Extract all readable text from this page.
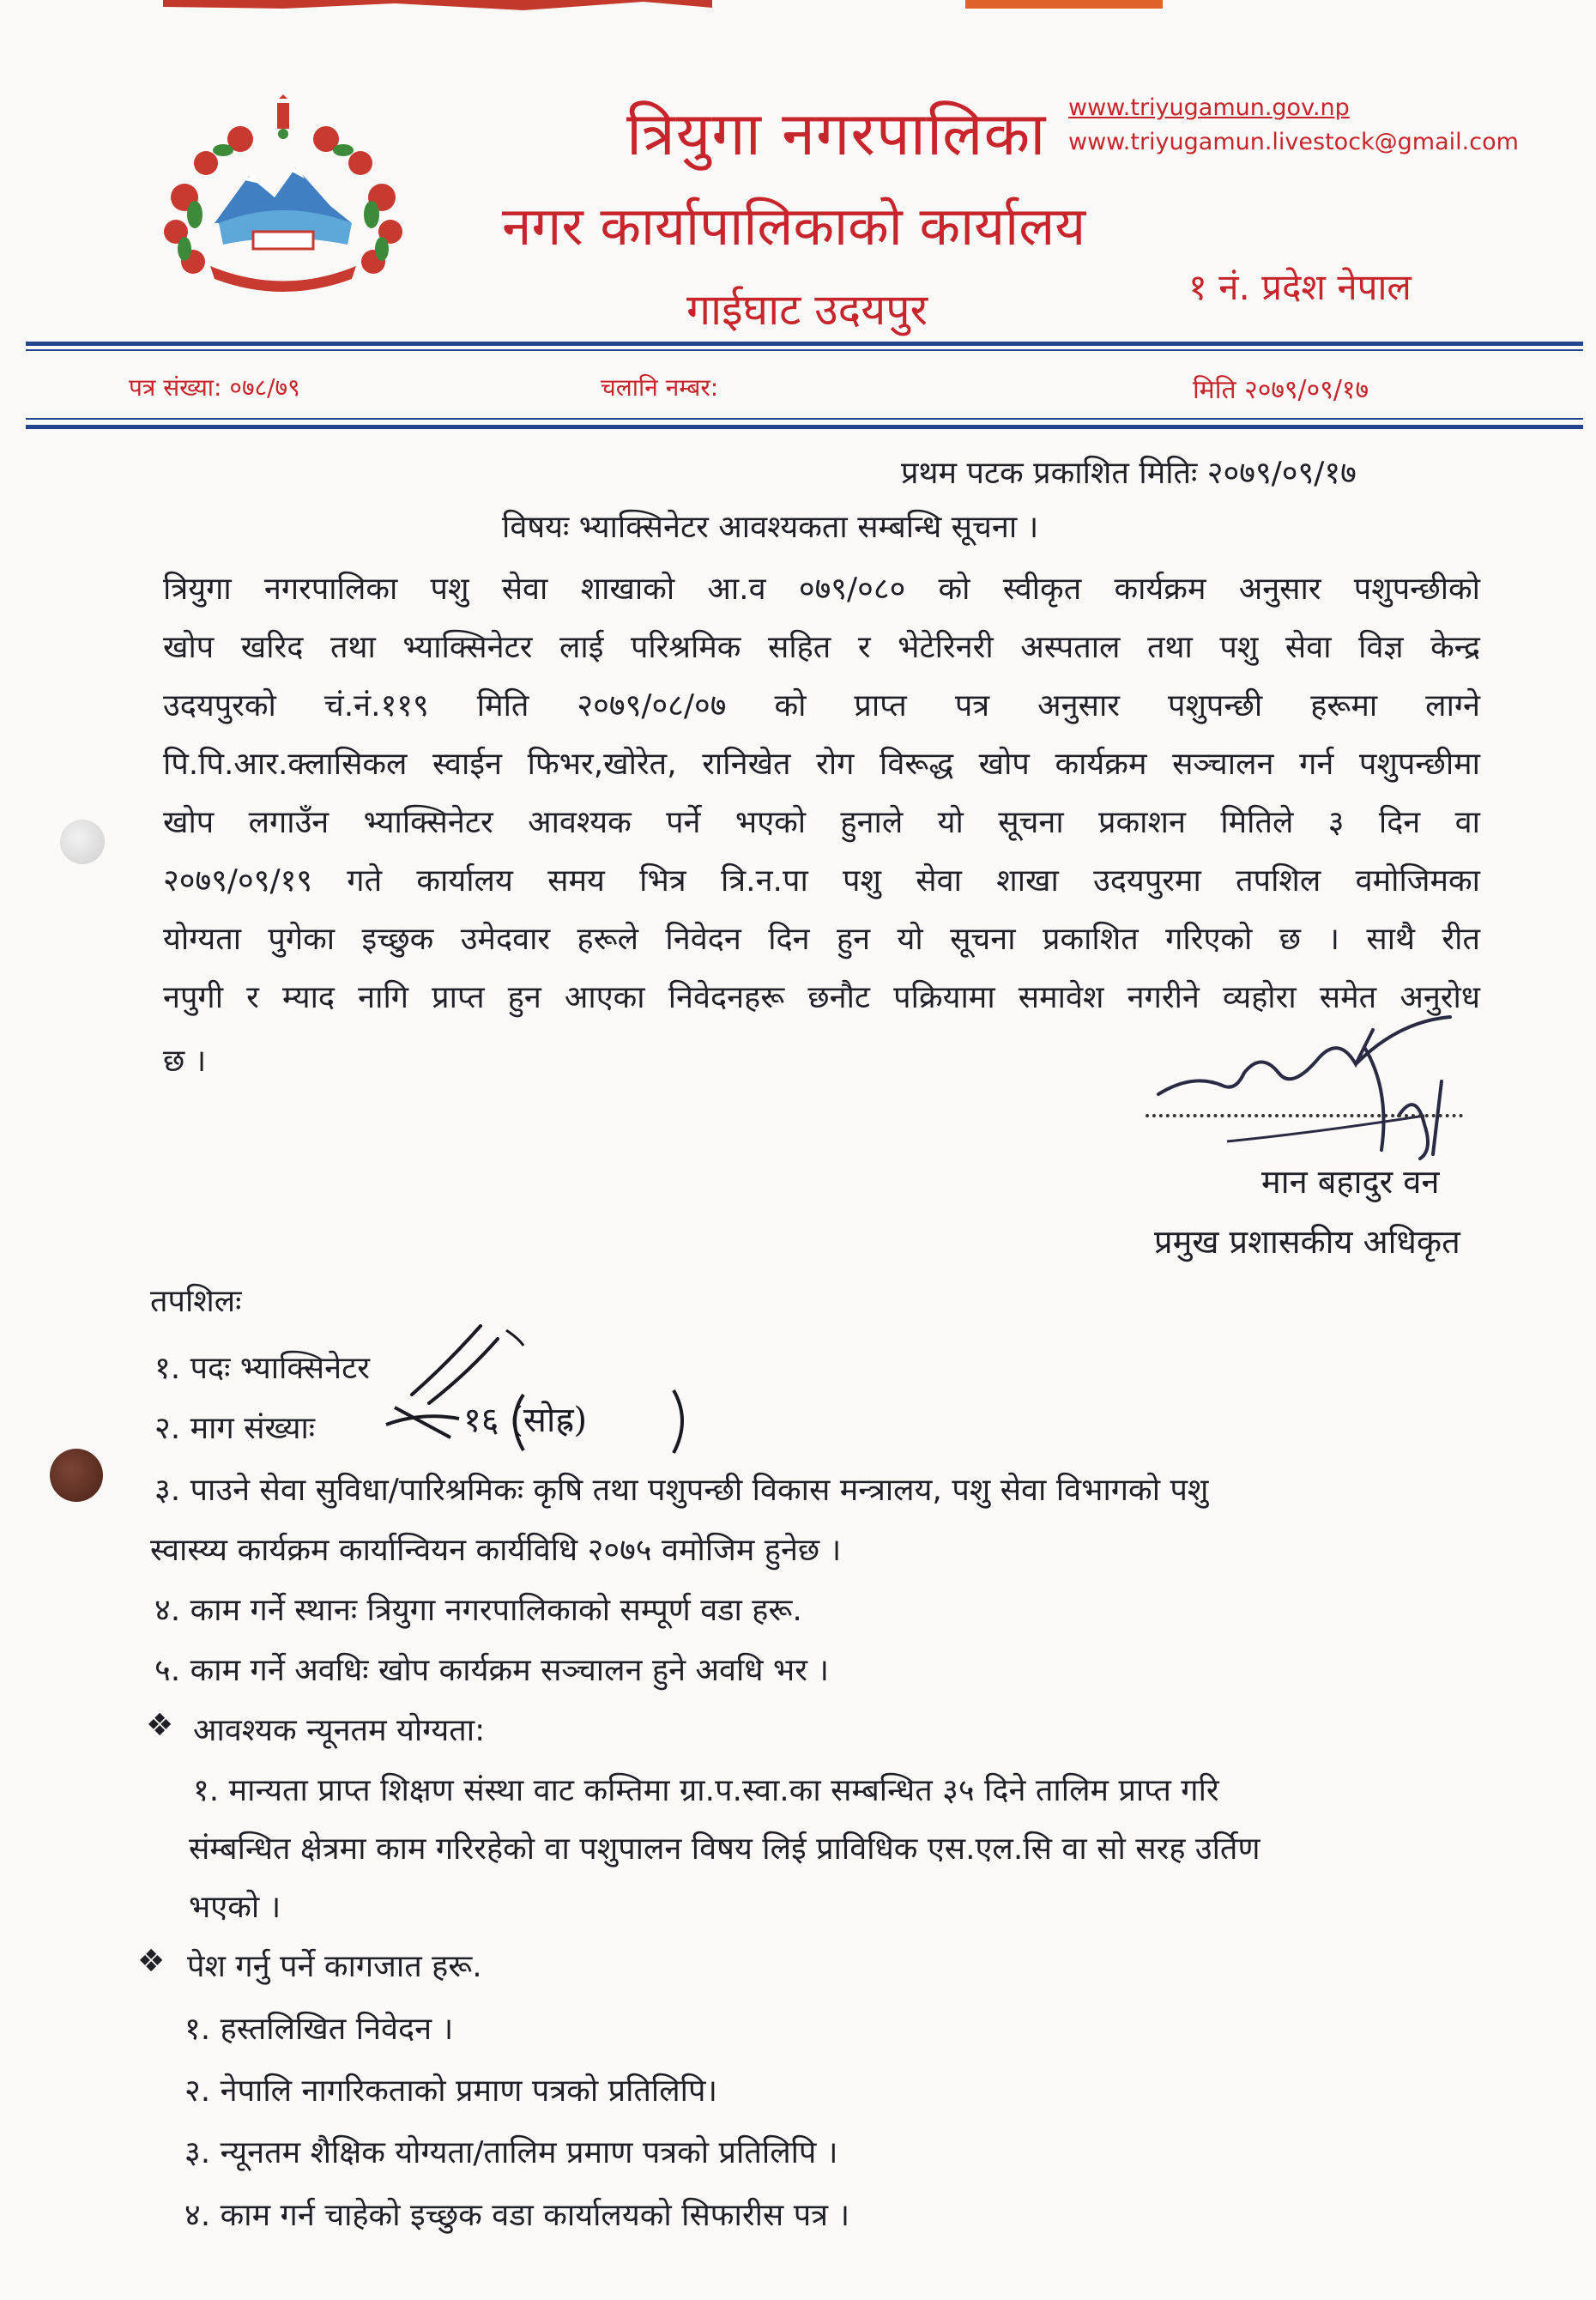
त्रियुगा नगरपालिका
नगर कार्यापालिकाको कार्यालय
गाईघाट उदयपुर
www.triyugamun.gov.np
www.triyugamun.livestock@gmail.com
१ नं. प्रदेश नेपाल
पत्र संख्या: ०७८/७९	चलानि नम्बर:	मिति २०७९/०९/१७
प्रथम पटक प्रकाशित मितिः २०७९/०९/१७
विषयः भ्याक्सिनेटर आवश्यकता सम्बन्धि सूचना ।
त्रियुगा नगरपालिका पशु सेवा शाखाको आ.व ०७९/०८० को स्वीकृत कार्यक्रम अनुसार पशुपन्छीको
खोप खरिद तथा भ्याक्सिनेटर लाई परिश्रमिक सहित र भेटेरिनरी अस्पताल तथा पशु सेवा विज्ञ केन्द्र
उदयपुरको चं.नं.११९ मिति २०७९/०८/०७ को प्राप्त पत्र अनुसार पशुपन्छी हरूमा लाग्ने
पि.पि.आर.क्लासिकल स्वाईन फिभर,खोरेत, रानिखेत रोग विरूद्ध खोप कार्यक्रम सञ्चालन गर्न पशुपन्छीमा
खोप लगाउँन भ्याक्सिनेटर आवश्यक पर्ने भएको हुनाले यो सूचना प्रकाशन मितिले ३ दिन वा
२०७९/०९/१९ गते कार्यालय समय भित्र त्रि.न.पा पशु सेवा शाखा उदयपुरमा तपशिल वमोजिमका
योग्यता पुगेका इच्छुक उमेदवार हरूले निवेदन दिन हुन यो सूचना प्रकाशित गरिएको छ । साथै रीत
नपुगी र म्याद नागि प्राप्त हुन आएका निवेदनहरू छनौट पक्रियामा समावेश नगरीने व्यहोरा समेत अनुरोध
छ ।
मान बहादुर वन
प्रमुख प्रशासकीय अधिकृत
तपशिलः
१. पदः भ्याक्सिनेटर
२. माग संख्याः	१६ (सोह्र)
३. पाउने सेवा सुविधा/पारिश्रमिकः कृषि तथा पशुपन्छी विकास मन्त्रालय, पशु सेवा विभागको पशु
स्वास्य्य कार्यक्रम कार्यान्वियन कार्यविधि २०७५ वमोजिम हुनेछ ।
४. काम गर्ने स्थानः त्रियुगा नगरपालिकाको सम्पूर्ण वडा हरू.
५. काम गर्ने अवधिः खोप कार्यक्रम सञ्चालन हुने अवधि भर ।
❖ आवश्यक न्यूनतम योग्यता:
१. मान्यता प्राप्त शिक्षण संस्था वाट कम्तिमा ग्रा.प.स्वा.का सम्बन्धित ३५ दिने तालिम प्राप्त गरि
संम्बन्धित क्षेत्रमा काम गरिरहेको वा पशुपालन विषय लिई प्राविधिक एस.एल.सि वा सो सरह उर्तिण
भएको ।
❖ पेश गर्नु पर्ने कागजात हरू.
१. हस्तलिखित निवेदन ।
२. नेपालि नागरिकताको प्रमाण पत्रको प्रतिलिपि।
३. न्यूनतम शैक्षिक योग्यता/तालिम प्रमाण पत्रको प्रतिलिपि ।
४. काम गर्न चाहेको इच्छुक वडा कार्यालयको सिफारीस पत्र ।
